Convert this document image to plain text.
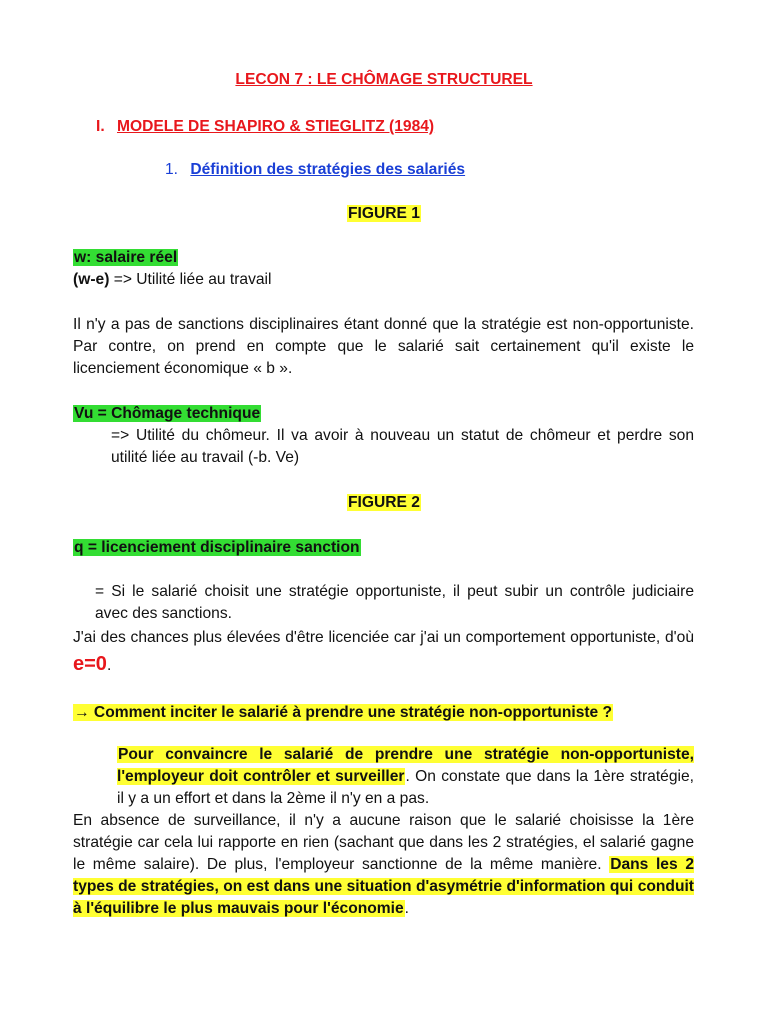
LECON 7 : LE CHÔMAGE STRUCTUREL
I. MODELE DE SHAPIRO & STIEGLITZ (1984)
1. Définition des stratégies des salariés
FIGURE 1
w: salaire réel
(w-e) => Utilité liée au travail

Il n'y a pas de sanctions disciplinaires étant donné que la stratégie est non-opportuniste. Par contre, on prend en compte que le salarié sait certainement qu'il existe le licenciement économique « b ».

Vu = Chômage technique

=> Utilité du chômeur. Il va avoir à nouveau un statut de chômeur et perdre son utilité liée au travail (-b. Ve)

FIGURE 2
q = licenciement disciplinaire sanction

= Si le salarié choisit une stratégie opportuniste, il peut subir un contrôle judiciaire avec des sanctions.

J'ai des chances plus élevées d'être licenciée car j'ai un comportement opportuniste, d'où e=0.

→ Comment inciter le salarié à prendre une stratégie non-opportuniste ?

Pour convaincre le salarié de prendre une stratégie non-opportuniste, l'employeur doit contrôler et surveiller. On constate que dans la 1ère stratégie, il y a un effort et dans la 2ème il n'y en a pas.

En absence de surveillance, il n'y a aucune raison que le salarié choisisse la 1ère stratégie car cela lui rapporte en rien (sachant que dans les 2 stratégies, el salarié gagne le même salaire). De plus, l'employeur sanctionne de la même manière. Dans les 2 types de stratégies, on est dans une situation d'asymétrie d'information qui conduit à l'équilibre le plus mauvais pour l'économie.
